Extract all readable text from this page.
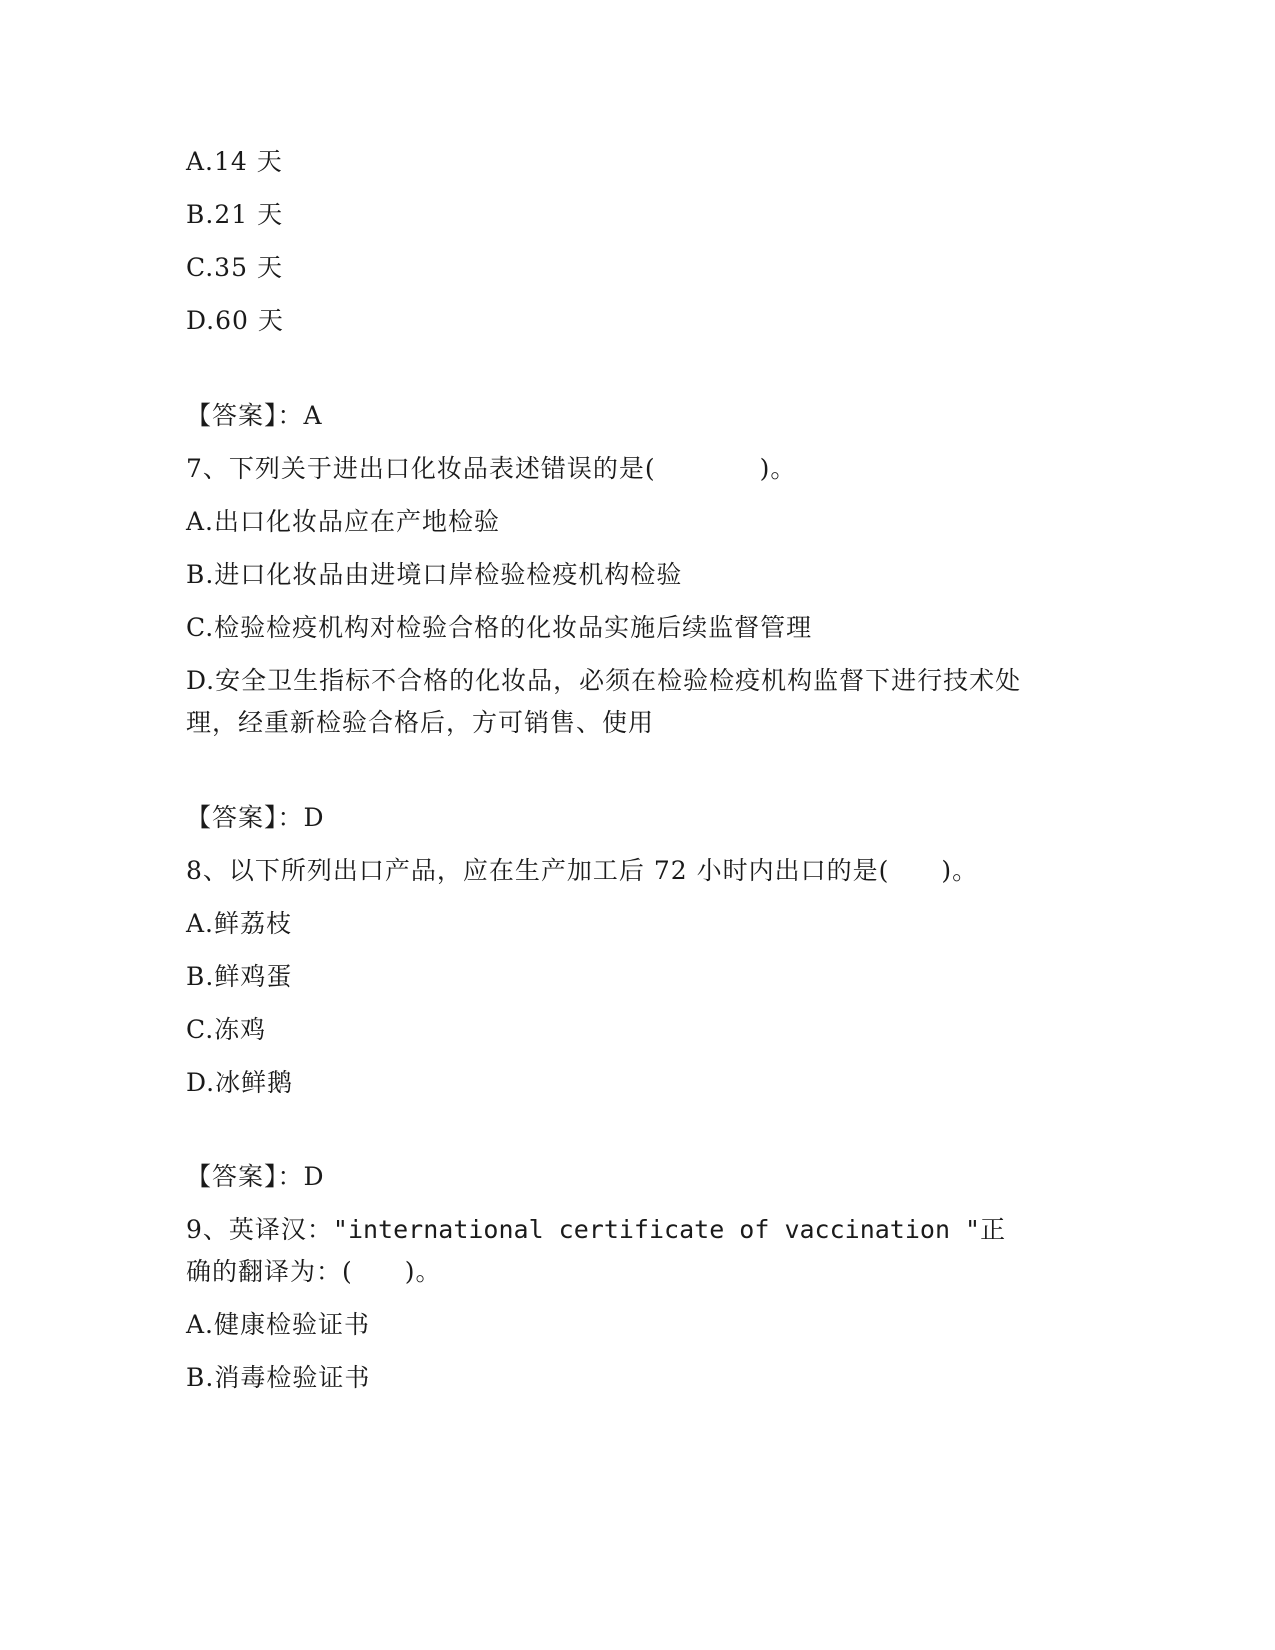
A.14 天
B.21 天
C.35 天
D.60 天
【答案】：A
7、下列关于进出口化妆品表述错误的是(　　　　)。
A.出口化妆品应在产地检验
B.进口化妆品由进境口岸检验检疫机构检验
C.检验检疫机构对检验合格的化妆品实施后续监督管理
D.安全卫生指标不合格的化妆品，必须在检验检疫机构监督下进行技术处理，经重新检验合格后，方可销售、使用
【答案】：D
8、以下所列出口产品，应在生产加工后 72 小时内出口的是(　　)。
A.鲜荔枝
B.鲜鸡蛋
C.冻鸡
D.冰鲜鹅
【答案】：D
9、英译汉："international certificate of vaccination "正确的翻译为：(　　)。
A.健康检验证书
B.消毒检验证书
